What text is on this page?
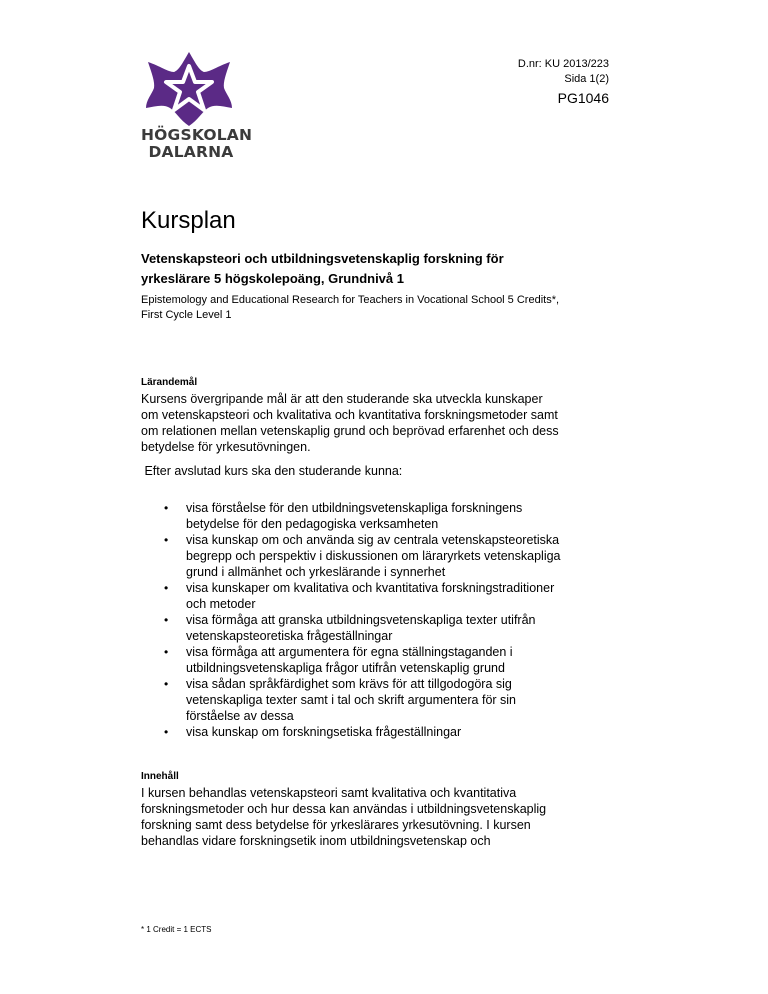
HÖGSKOLAN
DALARNA
D.nr: KU 2013/223
Sida 1(2)
PG1046
Kursplan
Vetenskapsteori och utbildningsvetenskaplig forskning för yrkeslärare 5 högskolepoäng, Grundnivå 1
Epistemology and Educational Research for Teachers in Vocational School 5 Credits*, First Cycle Level 1
Lärandemål
Kursens övergripande mål är att den studerande ska utveckla kunskaper om vetenskapsteori och kvalitativa och kvantitativa forskningsmetoder samt om relationen mellan vetenskaplig grund och beprövad erfarenhet och dess betydelse för yrkesutövningen.
Efter avslutad kurs ska den studerande kunna:
• visa förståelse för den utbildningsvetenskapliga forskningens betydelse för den pedagogiska verksamheten
• visa kunskap om och använda sig av centrala vetenskapsteoretiska begrepp och perspektiv i diskussionen om läraryrkets vetenskapliga grund i allmänhet och yrkeslärande i synnerhet
• visa kunskaper om kvalitativa och kvantitativa forskningstraditioner och metoder
• visa förmåga att granska utbildningsvetenskapliga texter utifrån vetenskapsteoretiska frågeställningar
• visa förmåga att argumentera för egna ställningstaganden i utbildningsvetenskapliga frågor utifrån vetenskaplig grund
• visa sådan språkfärdighet som krävs för att tillgodogöra sig vetenskapliga texter samt i tal och skrift argumentera för sin förståelse av dessa
• visa kunskap om forskningsetiska frågeställningar
Innehåll
I kursen behandlas vetenskapsteori samt kvalitativa och kvantitativa forskningsmetoder och hur dessa kan användas i utbildningsvetenskaplig forskning samt dess betydelse för yrkeslärares yrkesutövning. I kursen behandlas vidare forskningsetik inom utbildningsvetenskap och
* 1 Credit = 1 ECTS
